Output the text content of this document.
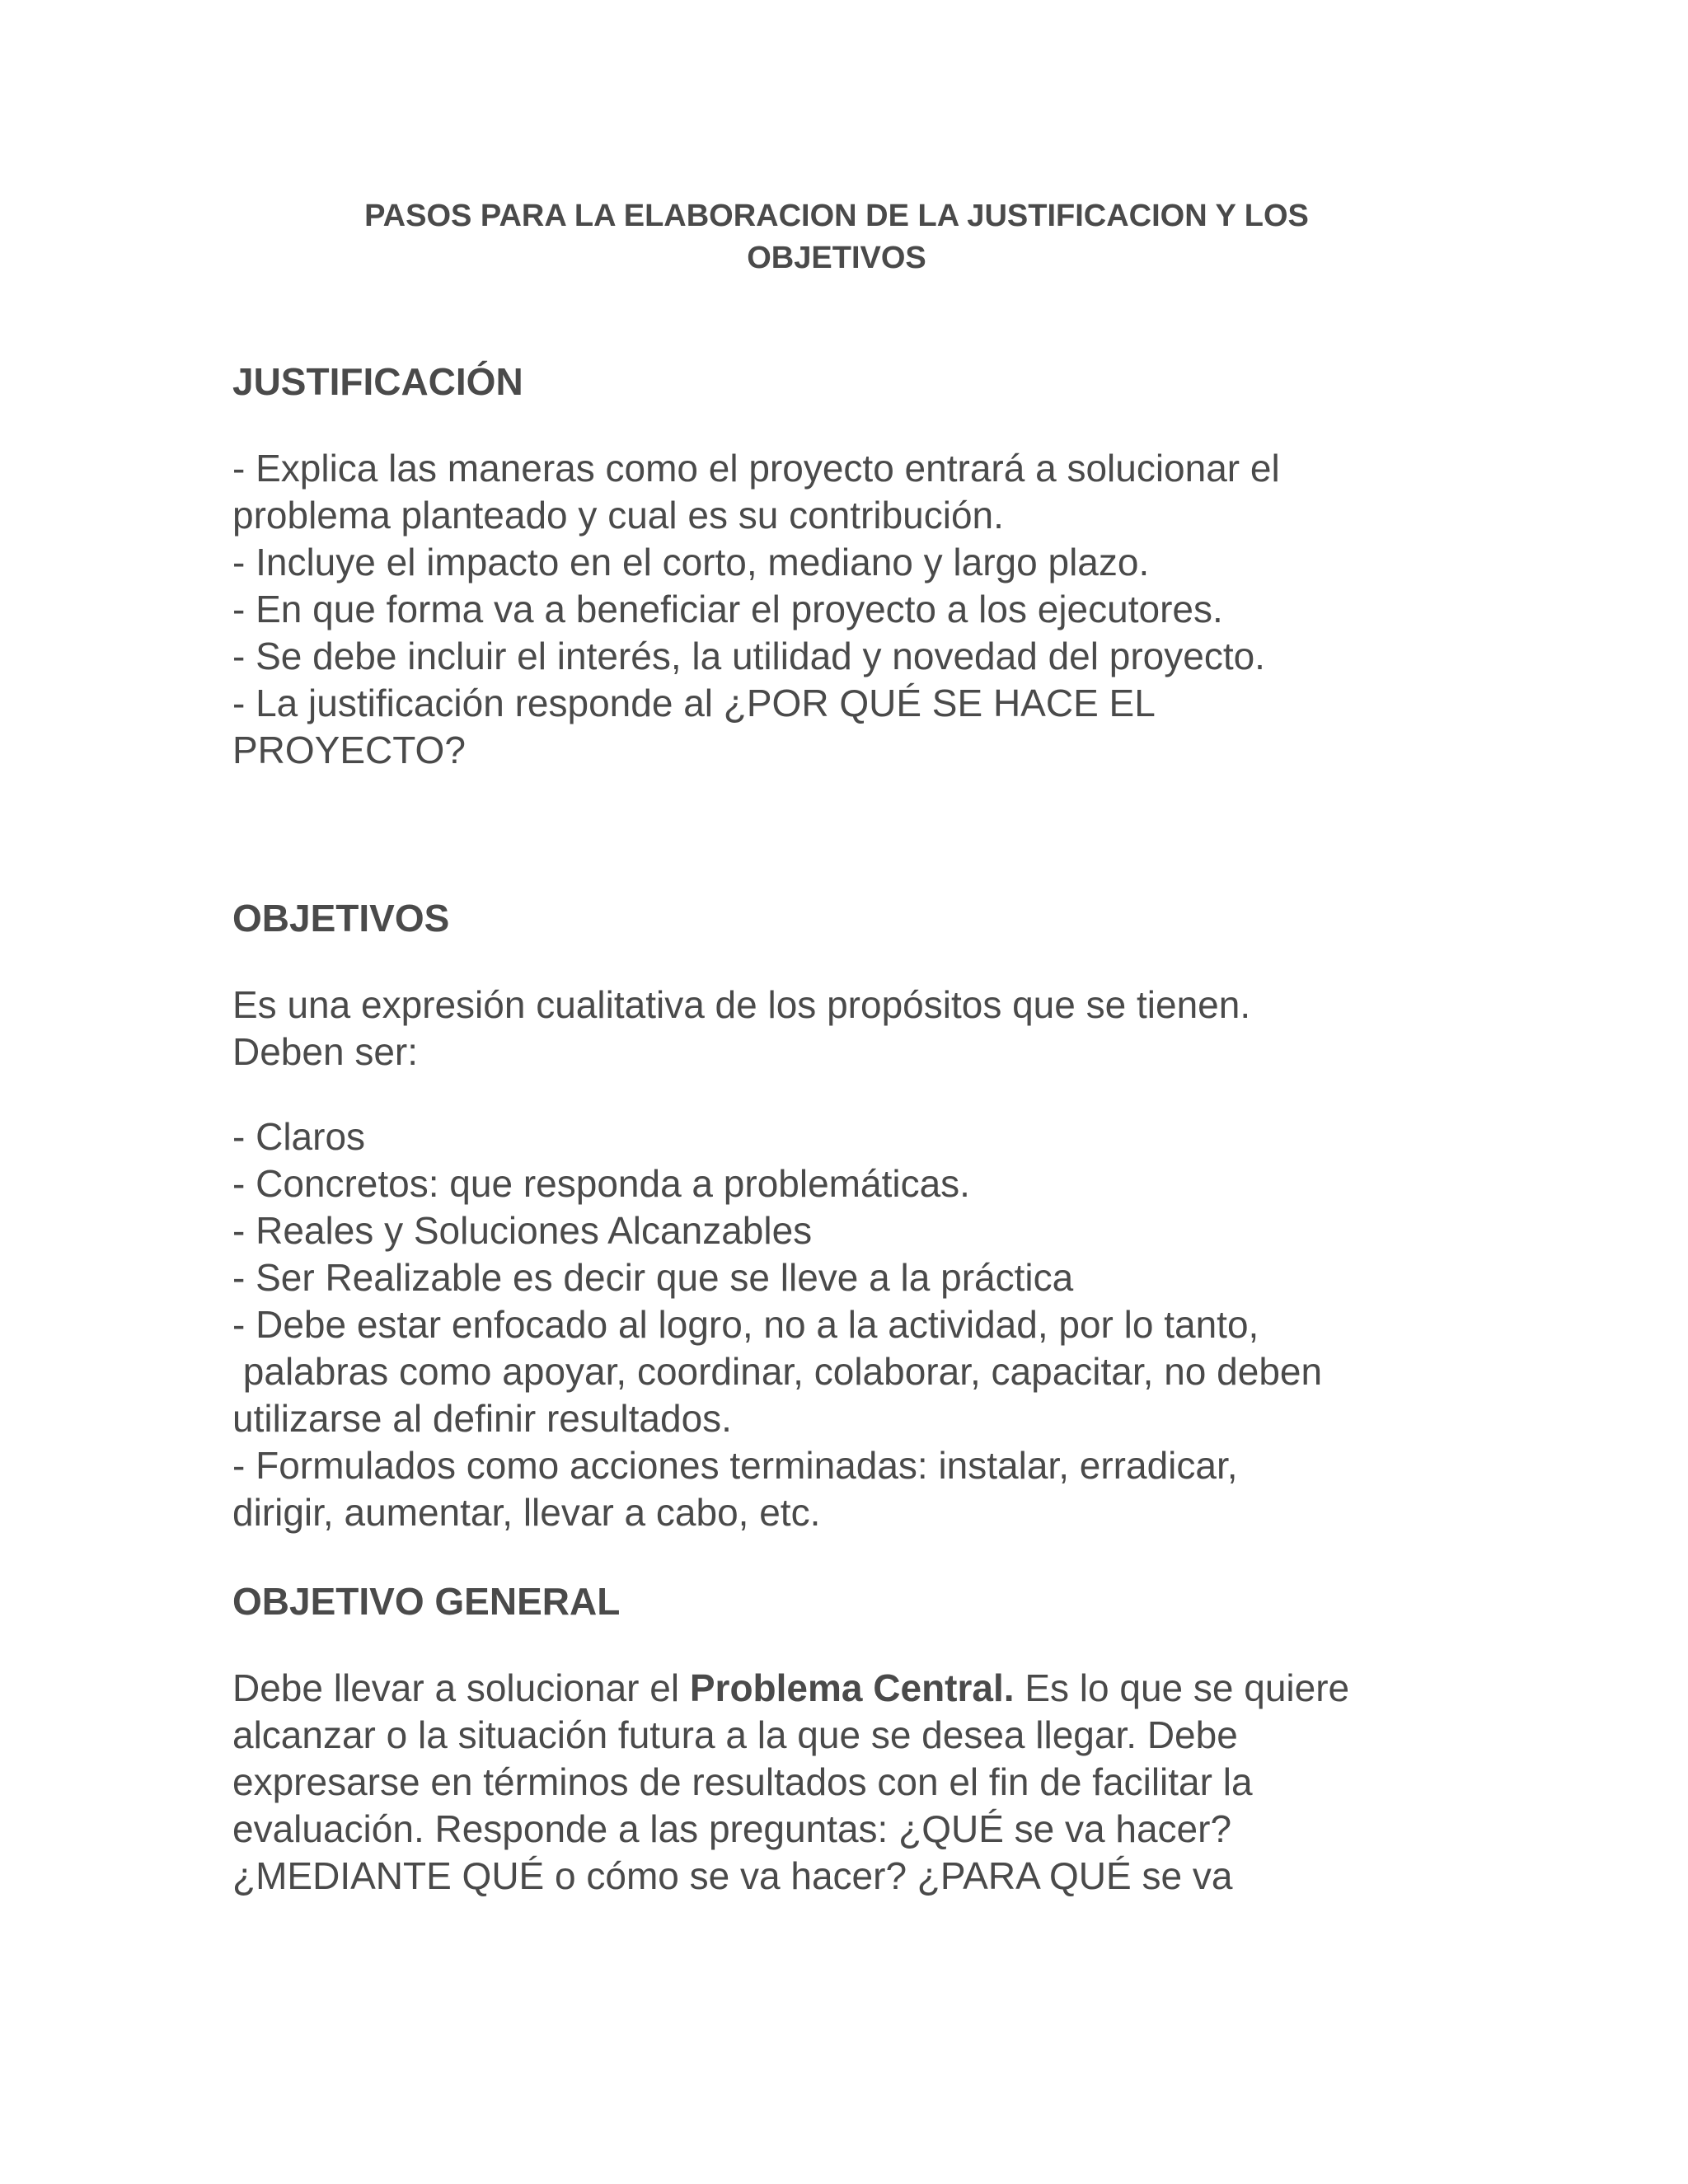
PASOS PARA LA ELABORACION DE LA JUSTIFICACION Y LOS
OBJETIVOS
JUSTIFICACIÓN
- Explica las maneras como el proyecto entrará a solucionar el
problema planteado y cual es su contribución.
- Incluye el impacto en el corto, mediano y largo plazo.
- En que forma va a beneficiar el proyecto a los ejecutores.
- Se debe incluir el interés, la utilidad y novedad del proyecto.
- La justificación responde al ¿POR QUÉ SE HACE EL
PROYECTO?
OBJETIVOS
Es una expresión cualitativa de los propósitos que se tienen.
Deben ser:
- Claros
- Concretos: que responda a problemáticas.
- Reales y Soluciones Alcanzables
- Ser Realizable es decir que se lleve a la práctica
- Debe estar enfocado al logro, no a la actividad, por lo tanto,
palabras como apoyar, coordinar, colaborar, capacitar, no deben
utilizarse al definir resultados.
- Formulados como acciones terminadas: instalar, erradicar,
dirigir, aumentar, llevar a cabo, etc.
OBJETIVO GENERAL
Debe llevar a solucionar el Problema Central. Es lo que se quiere
alcanzar o la situación futura a la que se desea llegar. Debe
expresarse en términos de resultados con el fin de facilitar la
evaluación. Responde a las preguntas: ¿QUÉ se va hacer?
¿MEDIANTE QUÉ o cómo se va hacer? ¿PARA QUÉ se va
